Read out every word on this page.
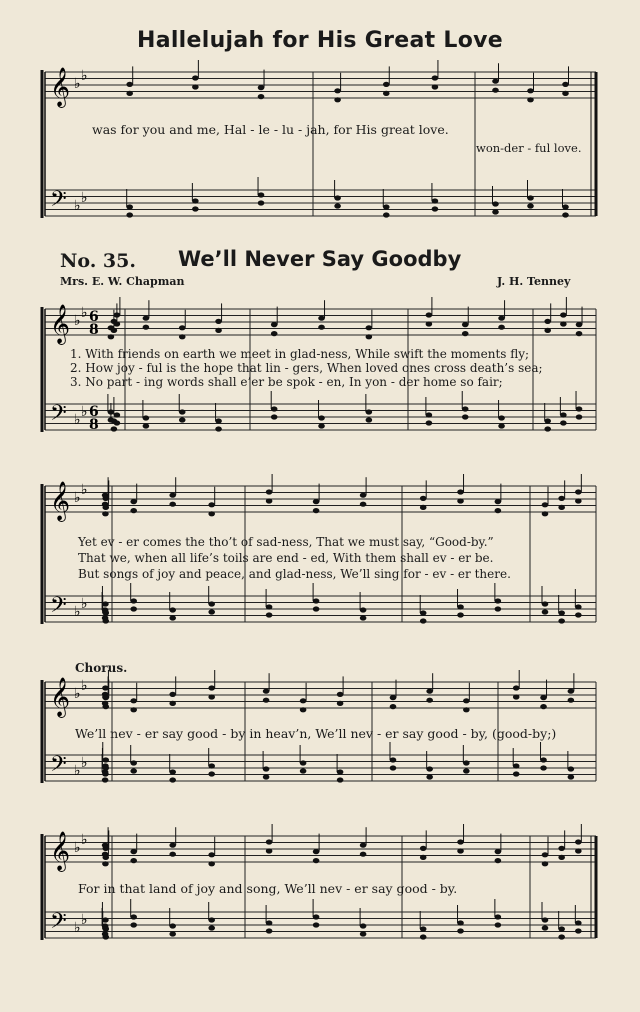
𝄞
𝄢
♭
♭
♭
♭
𝄞
𝄢
♭
♭
♭
♭
6
8
6
8
𝄞
𝄢
♭
♭
♭
♭
𝄞
𝄢
♭
♭
♭
♭
𝄞
𝄢
♭
♭
♭
♭
Hallelujah for His Great Love
was for you and me, Hal - le - lu - jah, for His great love.
won-der - ful love.
No. 35. We’ll Never Say Goodby
Mrs. E. W. Chapman	J. H. Tenney
1. With friends on earth we meet in glad-ness, While swift the moments fly;
2. How joy - ful is the hope that lin - gers, When loved ones cross death’s sea;
3. No part - ing words shall e’er be spok - en, In yon - der home so fair;
Yet ev - er comes the tho’t of sad-ness, That we must say, “Good-by.”
That we, when all life’s toils are end - ed, With them shall ev - er be.
But songs of joy and peace, and glad-ness, We’ll sing for - ev - er there.
Chorus.
We’ll nev - er say good - by in heav’n, We’ll nev - er say good - by, (good-by;)
For in that land of joy and song, We’ll nev - er say good - by.
